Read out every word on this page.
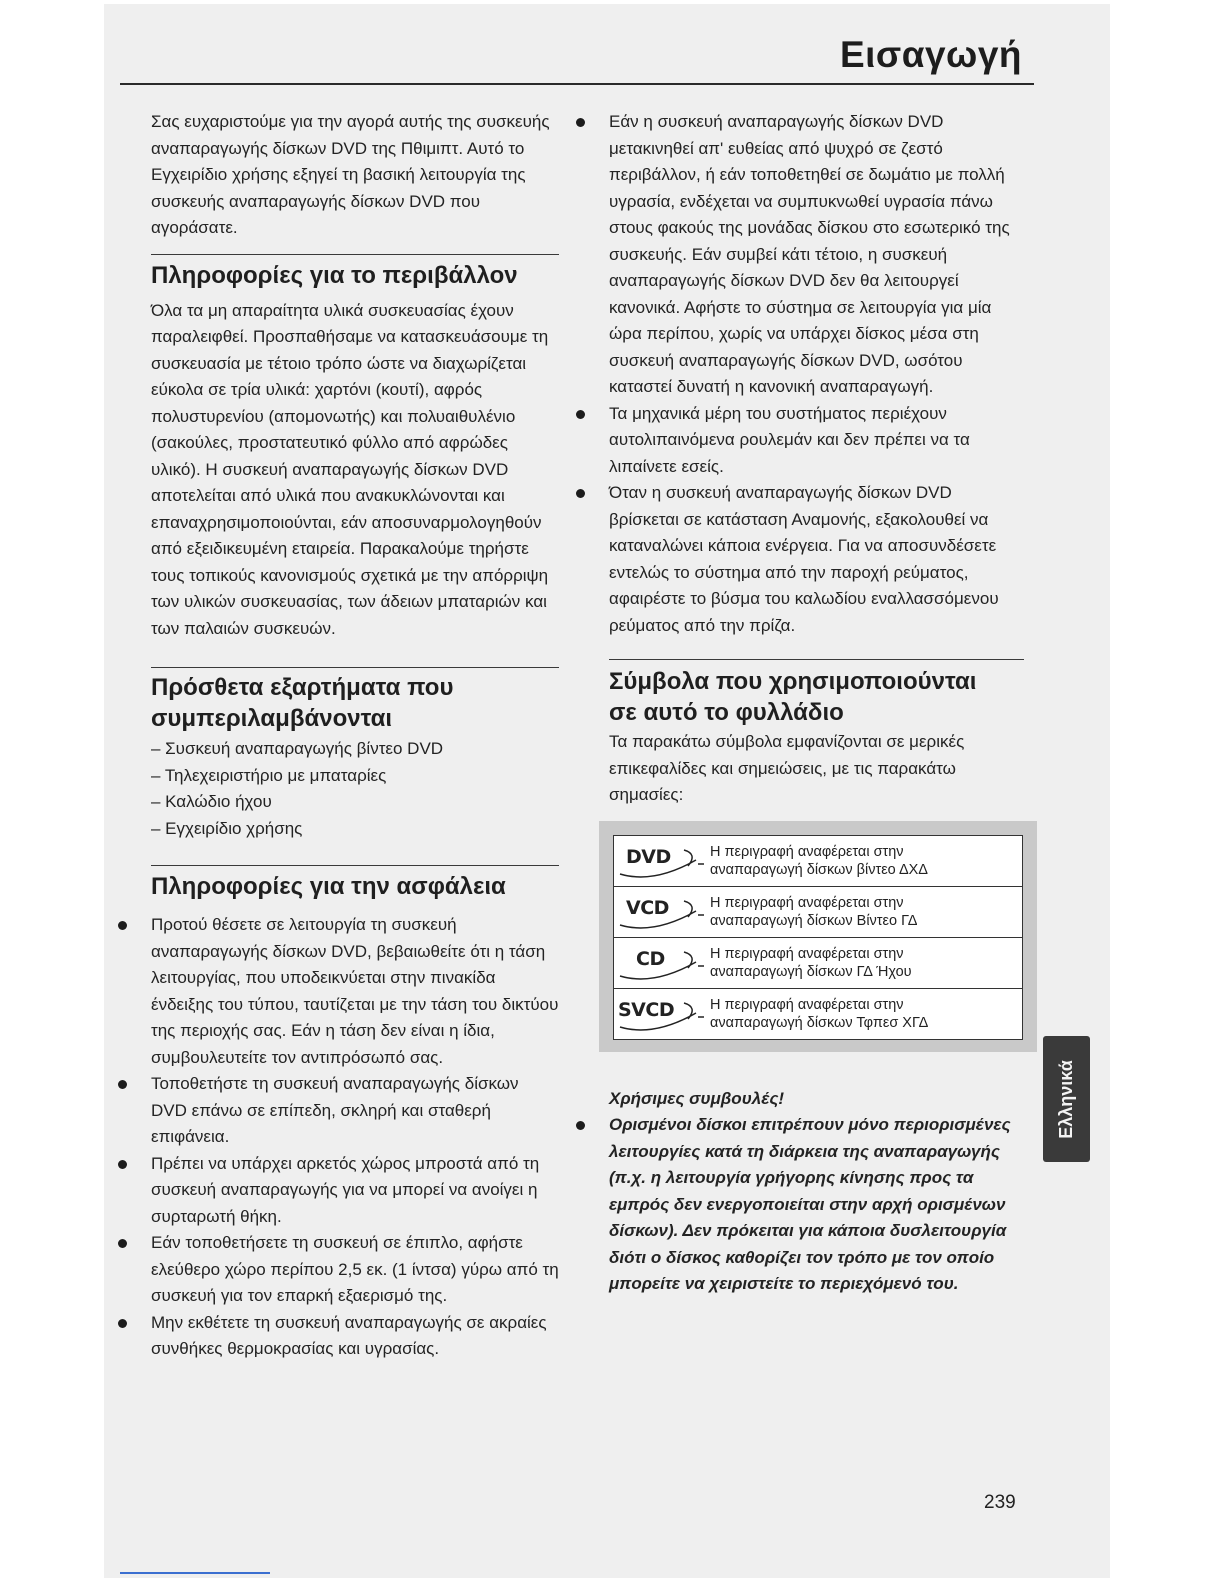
Εισαγωγή

Σας ευχαριστούμε για την αγορά αυτής της συσκευής αναπαραγωγής δίσκων DVD της Πθιμιπτ. Αυτό το Εγχειρίδιο χρήσης εξηγεί τη βασική λειτουργία της συσκευής αναπαραγωγής δίσκων DVD που αγοράσατε.

Πληροφορίες για το περιβάλλον

Όλα τα μη απαραίτητα υλικά συσκευασίας έχουν παραλειφθεί. Προσπαθήσαμε να κατασκευάσουμε τη συσκευασία με τέτοιο τρόπο ώστε να διαχωρίζεται εύκολα σε τρία υλικά: χαρτόνι (κουτί), αφρός πολυστυρενίου (απομονωτής) και πολυαιθυλένιο (σακούλες, προστατευτικό φύλλο από αφρώδες υλικό). Η συσκευή αναπαραγωγής δίσκων DVD αποτελείται από υλικά που ανακυκλώνονται και επαναχρησιμοποιούνται, εάν αποσυναρμολογηθούν από εξειδικευμένη εταιρεία. Παρακαλούμε τηρήστε τους τοπικούς κανονισμούς σχετικά με την απόρριψη των υλικών συσκευασίας, των άδειων μπαταριών και των παλαιών συσκευών.

Πρόσθετα εξαρτήματα που
συμπεριλαμβάνονται
– Συσκευή αναπαραγωγής βίντεο DVD
– Τηλεχειριστήριο με μπαταρίες
– Καλώδιο ήχου
– Εγχειρίδιο χρήσης
Πληροφορίες για την ασφάλεια
Προτού θέσετε σε λειτουργία τη συσκευή αναπαραγωγής δίσκων DVD, βεβαιωθείτε ότι η τάση λειτουργίας, που υποδεικνύεται στην πινακίδα ένδειξης του τύπου, ταυτίζεται με την τάση του δικτύου της περιοχής σας. Εάν η τάση δεν είναι η ίδια, συμβουλευτείτε τον αντιπρόσωπό σας.
Τοποθετήστε τη συσκευή αναπαραγωγής δίσκων DVD επάνω σε επίπεδη, σκληρή και σταθερή επιφάνεια.
Πρέπει να υπάρχει αρκετός χώρος μπροστά από τη συσκευή αναπαραγωγής για να μπορεί να ανοίγει η συρταρωτή θήκη.
Εάν τοποθετήσετε τη συσκευή σε έπιπλο, αφήστε ελεύθερο χώρο περίπου 2,5 εκ. (1 ίντσα) γύρω από τη συσκευή για τον επαρκή εξαερισμό της.
Μην εκθέτετε τη συσκευή αναπαραγωγής σε ακραίες συνθήκες θερμοκρασίας και υγρασίας.
Εάν η συσκευή αναπαραγωγής δίσκων DVD μετακινηθεί απ' ευθείας από ψυχρό σε ζεστό περιβάλλον, ή εάν τοποθετηθεί σε δωμάτιο με πολλή υγρασία, ενδέχεται να συμπυκνωθεί υγρασία πάνω στους φακούς της μονάδας δίσκου στο εσωτερικό της συσκευής. Εάν συμβεί κάτι τέτοιο, η συσκευή αναπαραγωγής δίσκων DVD δεν θα λειτουργεί κανονικά. Αφήστε το σύστημα σε λειτουργία για μία ώρα περίπου, χωρίς να υπάρχει δίσκος μέσα στη συσκευή αναπαραγωγής δίσκων DVD, ωσότου καταστεί δυνατή η κανονική αναπαραγωγή.
Τα μηχανικά μέρη του συστήματος περιέχουν αυτολιπαινόμενα ρουλεμάν και δεν πρέπει να τα λιπαίνετε εσείς.
Όταν η συσκευή αναπαραγωγής δίσκων DVD βρίσκεται σε κατάσταση Αναμονής, εξακολουθεί να καταναλώνει κάποια ενέργεια. Για να αποσυνδέσετε εντελώς το σύστημα από την παροχή ρεύματος, αφαιρέστε το βύσμα του καλωδίου εναλλασσόμενου ρεύματος από την πρίζα.
Σύμβολα που χρησιμοποιούνται
σε αυτό το φυλλάδιο

Τα παρακάτω σύμβολα εμφανίζονται σε μερικές επικεφαλίδες και σημειώσεις, με τις παρακάτω σημασίες:

DVD	Η περιγραφή αναφέρεται στην
αναπαραγωγή δίσκων βίντεο ΔΧΔ
VCD	Η περιγραφή αναφέρεται στην
αναπαραγωγή δίσκων Βίντεο ΓΔ
CD	Η περιγραφή αναφέρεται στην
αναπαραγωγή δίσκων ΓΔ Ήχου
SVCD Η περιγραφή αναφέρεται στην
αναπαραγωγή δίσκων Τφπεσ ΧΓΔ

Χρήσιμες συμβουλές!

Ορισμένοι δίσκοι επιτρέπουν μόνο περιορισμένες λειτουργίες κατά τη διάρκεια της αναπαραγωγής (π.χ. η λειτουργία γρήγορης κίνησης προς τα εμπρός δεν ενεργοποιείται στην αρχή ορισμένων δίσκων). Δεν πρόκειται για κάποια δυσλειτουργία διότι ο δίσκος καθορίζει τον τρόπο με τον οποίο μπορείτε να χειριστείτε το περιεχόμενό του.
Ελληνικά
239
